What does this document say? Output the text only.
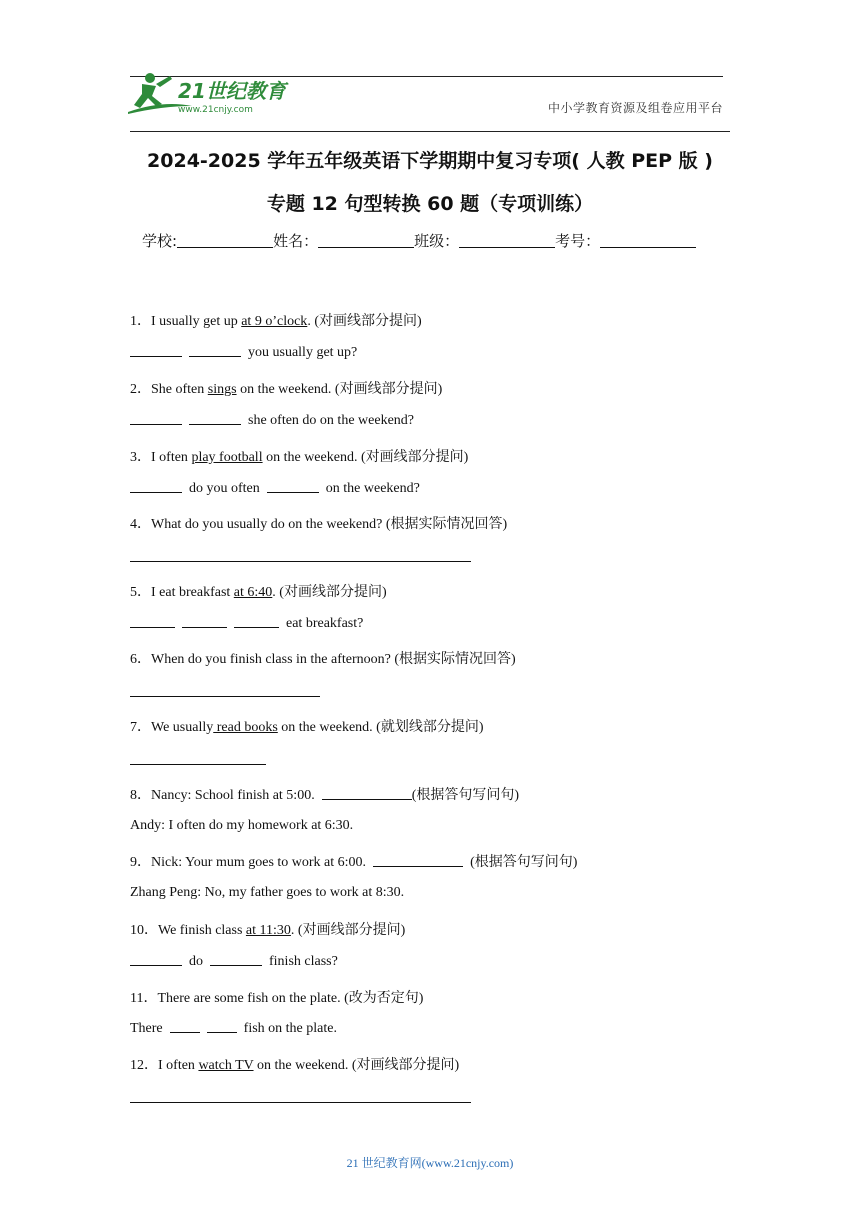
21世纪教育
www.21cnjy.com	中小学教育资源及组卷应用平台
2024-2025 学年五年级英语下学期期中复习专项( 人教 PEP 版 )
专题 12 句型转换 60 题（专项训练）
学校:	姓名：	班级：	考号：
1．I usually get up at 9 o’clock. (对画线部分提问)
you usually get up?
2．She often sings on the weekend. (对画线部分提问)
she often do on the weekend?
3．I often play football on the weekend. (对画线部分提问)
do you often	on the weekend?
4．What do you usually do on the weekend? (根据实际情况回答)
5．I eat breakfast at 6:40. (对画线部分提问)
eat breakfast?
6．When do you finish class in the afternoon? (根据实际情况回答)
7．We usually read books on the weekend. (就划线部分提问)
8．Nancy: School finish at 5:00.	(根据答句写问句)
Andy: I often do my homework at 6:30.
9．Nick: Your mum goes to work at 6:00.	(根据答句写问句)
Zhang Peng: No, my father goes to work at 8:30.
10．We finish class at 11:30. (对画线部分提问)
do	finish class?
11．There are some fish on the plate. (改为否定句)
There	fish on the plate.
12．I often watch TV on the weekend. (对画线部分提问)
21 世纪教育网(www.21cnjy.com)
